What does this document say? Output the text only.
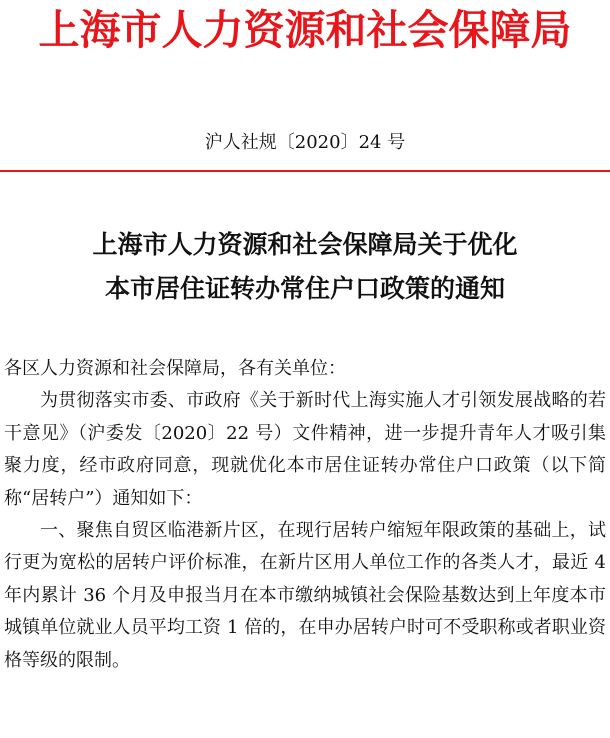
上海市人力资源和社会保障局
沪人社规〔2020〕24 号
上海市人力资源和社会保障局关于优化
本市居住证转办常住户口政策的通知

各区人力资源和社会保障局，各有关单位：

为贯彻落实市委、市政府《关于新时代上海实施人才引领发展战略的若干意见》（沪委发〔2020〕22 号）文件精神，进一步提升青年人才吸引集聚力度，经市政府同意，现就优化本市居住证转办常住户口政策（以下简称“居转户”）通知如下：

一、聚焦自贸区临港新片区，在现行居转户缩短年限政策的基础上，试行更为宽松的居转户评价标准，在新片区用人单位工作的各类人才，最近 4 年内累计 36 个月及申报当月在本市缴纳城镇社会保险基数达到上年度本市城镇单位就业人员平均工资 1 倍的，在申办居转户时可不受职称或者职业资格等级的限制。
